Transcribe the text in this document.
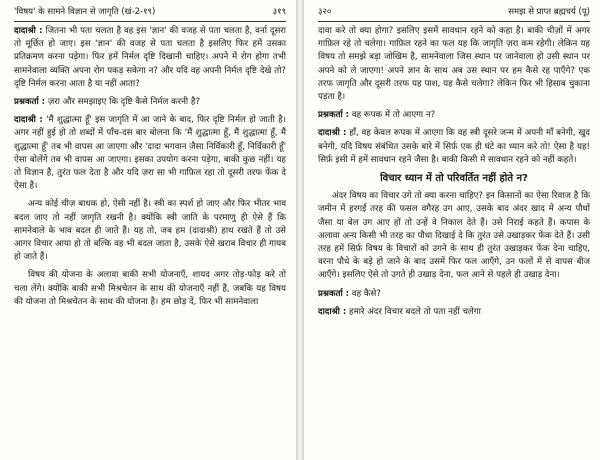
'विषय' के सामने विज्ञान से जागृति (खं-2-१९)	३१९

दादाश्री : जितना भी पता चलता है वह इस 'ज्ञान' की वजह से पता चलता है, वर्ना दूसरा तो मूर्छित हो जाए। इस 'ज्ञान' की वजह से पता चलता है इसलिए फिर हमें उसका प्रतिक्रमण करना पड़ेगा। फिर हमें निर्मल दृष्टि दिखानी चाहिए। अपने में रोग होगा तभी सामनेवाला व्यक्ति अपना रोग पकड़ सकेगा न? और यदि वह अपनी निर्मल दृष्टि देखे तो? दृष्टि निर्मल करना आता है या नहीं आता?

प्रश्नकर्ता : ज़रा और समझाइए कि दृष्टि कैसे निर्मल करनी है?

दादाश्री : 'मैं शुद्धात्मा हूँ' इस जागृति में आ जाने के बाद, फिर दृष्टि निर्मल हो जाती है। अगर नहीं हुई हो तो शब्दों में पाँच-दस बार बोलना कि 'मैं शुद्धात्मा हूँ, मैं शुद्धात्मा हूँ, मैं शुद्धात्मा हूँ' तब भी वापस आ जाएगा और 'दादा भगवान जैसा निर्विकारी हूँ, निर्विकारी हूँ' ऐसा बोलेंगे तब भी वापस आ जाएगा। इसका उपयोग करना पड़ेगा, बाकी कुछ नहीं। यह तो विज्ञान है, तुरंत फल देता है और यदि ज़रा सा भी गाफ़िल रहा तो दूसरी तरफ फेंक दे ऐसा है।

अन्य कोई चीज़ बाधक हो, ऐसी नहीं है। स्त्री का स्पर्श हो जाए और फिर भीतर भाव बदल जाए तो नहीं जागृति रखनी है। क्योंकि स्त्री जाति के परमाणु ही ऐसे हैं कि सामनेवाले के भाव बदल ही जाते हैं। यह तो, जब हम (दादाश्री) हाथ रखते हैं तो उसे आगर विचार आया हो तो बल्कि वह भी बदल जाता है, उसके ऐसे खराब विचार ही गायब हो जाते हैं।

विषय की योजना के अलावा बाकी सभी योजनाएँ, शायद अगर तोड़-फोड़ करे तो चला लेंगे। क्योंकि बाकी सभी मिश्रचेतन के साथ की योजनाएँ नहीं हैं, जबकि यह विषय की योजना तो मिश्रचेतन के साथ की योजना है। हम छोड़ दें, फिर भी सामनेवाला

३२०	समझ से प्राप्त ब्रह्मचर्य (पू)

दावा करे तो क्या होगा? इसलिए इसमें सावधान रहने को कहा है। बाकी चीज़ों में अगर गाफ़िल रहे तो चलेगा। गाफ़िल रहने का फल यह कि जागृति ज़रा कम रहेगी। लेकिन यह विषय तो समझे बड़ा जोखिम है, सामनेवाला जिस स्थान पर जानेवाला हो उसी स्थान पर अपने को ले जाएगा! अपने ज्ञान के साथ अब उस स्थान पर हम कैसे रह पाएँगे? एक तरफ जागृति और दूसरी तरफ यह पाश, यह कैसे चलेगा? लेकिन फिर भी हिसाब चुकाना पड़ता है।

प्रश्नकर्ता : वह रूपक में तो आएगा न?

दादाश्री : हाँ, वह केवल रूपक में आएगा कि वह स्त्री दूसरे जन्म में अपनी माँ बनेगी, खुद बनेगी, यदि विषय संबंधित उसके बारे में सिर्फ़ एक ही घंटे का ध्यान करे तो! ऐसा है यह! सिर्फ़ इसी में हमें सावधान रहने जैसा है। बाकी किसी में सावधान रहने को नहीं कहते।

विचार ध्यान में तो परिवर्तित नहीं होते न?

अंदर विषय का विचार उगे तो क्या करना चाहिए? इन किसानों का ऐसा रिवाज है कि जमीन में हरगईं तरह की फसल वगैरह उग आए, उसके बाद अंदर खाद में अन्य पौधों जैसा या बेल उग आए हों तो उन्हें वे निकाल देते हैं। उसे निराई कहते हैं। कपास के अलावा अन्य किसी भी तरह का पौधा दिखाई दे कि तुरंत उसे उखाड़कर फेंक देते हैं। उसी तरह हमें सिर्फ़ विषय के विचारों को उगने के साथ ही तुरंत उखाड़कर फेंक देना चाहिए, वरना पौधे के बड़े हो जाने के बाद उसमें फिर फल आएँगे, उन फलों में से वापस बीज आएँगे। इसलिए ऐसे तो उगते ही उखाड़ देना, फल आने से पहले ही उखाड़ देना।

प्रश्नकर्ता : वह कैसे?

दादाश्री : हमारे अंदर विचार बदले तो पता नहीं चलेगा
